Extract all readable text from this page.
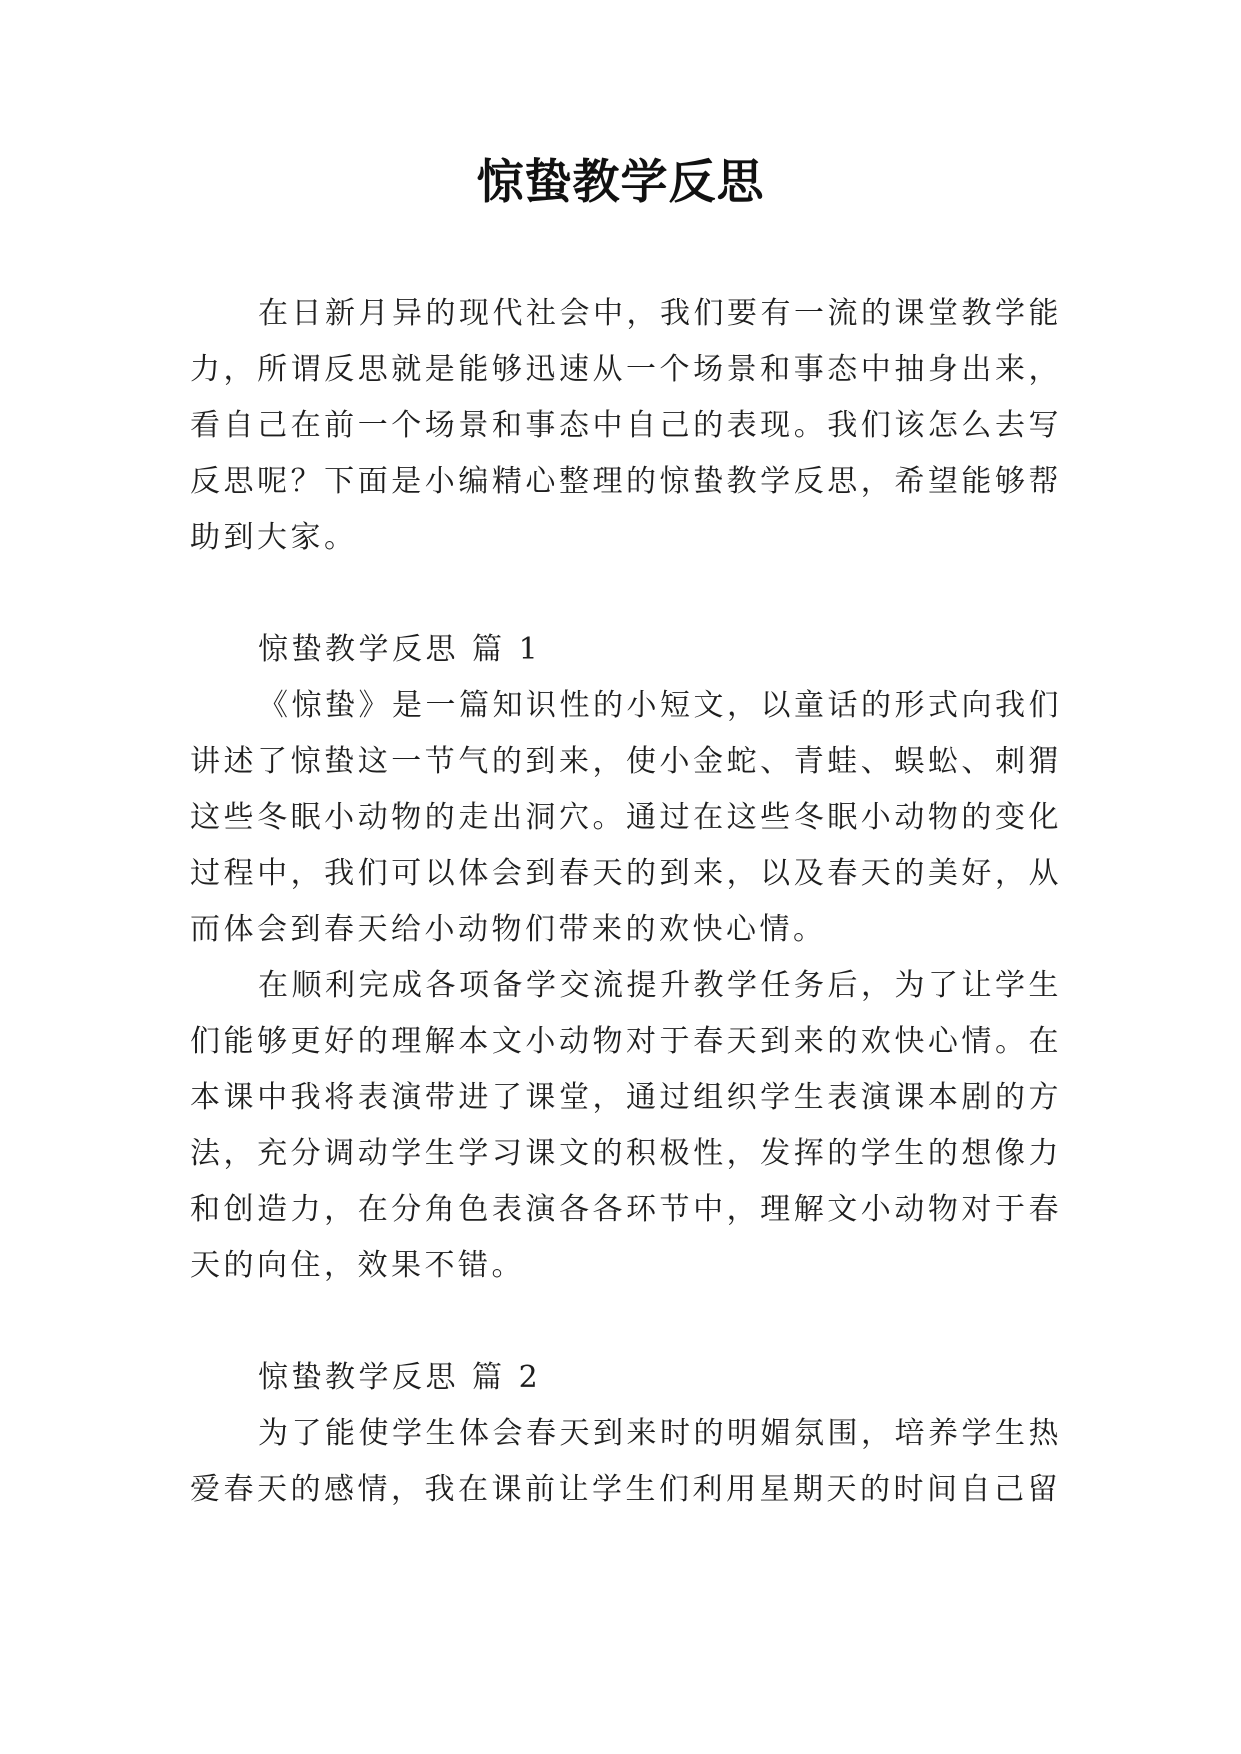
惊蛰教学反思

在日新月异的现代社会中，我们要有一流的课堂教学能力，所谓反思就是能够迅速从一个场景和事态中抽身出来，看自己在前一个场景和事态中自己的表现。我们该怎么去写反思呢？下面是小编精心整理的惊蛰教学反思，希望能够帮助到大家。

惊蛰教学反思 篇 1

《惊蛰》是一篇知识性的小短文，以童话的形式向我们讲述了惊蛰这一节气的到来，使小金蛇、青蛙、蜈蚣、刺猬这些冬眠小动物的走出洞穴。通过在这些冬眠小动物的变化过程中，我们可以体会到春天的到来，以及春天的美好，从而体会到春天给小动物们带来的欢快心情。

在顺利完成各项备学交流提升教学任务后，为了让学生们能够更好的理解本文小动物对于春天到来的欢快心情。在本课中我将表演带进了课堂，通过组织学生表演课本剧的方法，充分调动学生学习课文的积极性，发挥的学生的想像力和创造力，在分角色表演各各环节中，理解文小动物对于春天的向住，效果不错。

惊蛰教学反思 篇 2

为了能使学生体会春天到来时的明媚氛围，培养学生热爱春天的感情，我在课前让学生们利用星期天的时间自己留
